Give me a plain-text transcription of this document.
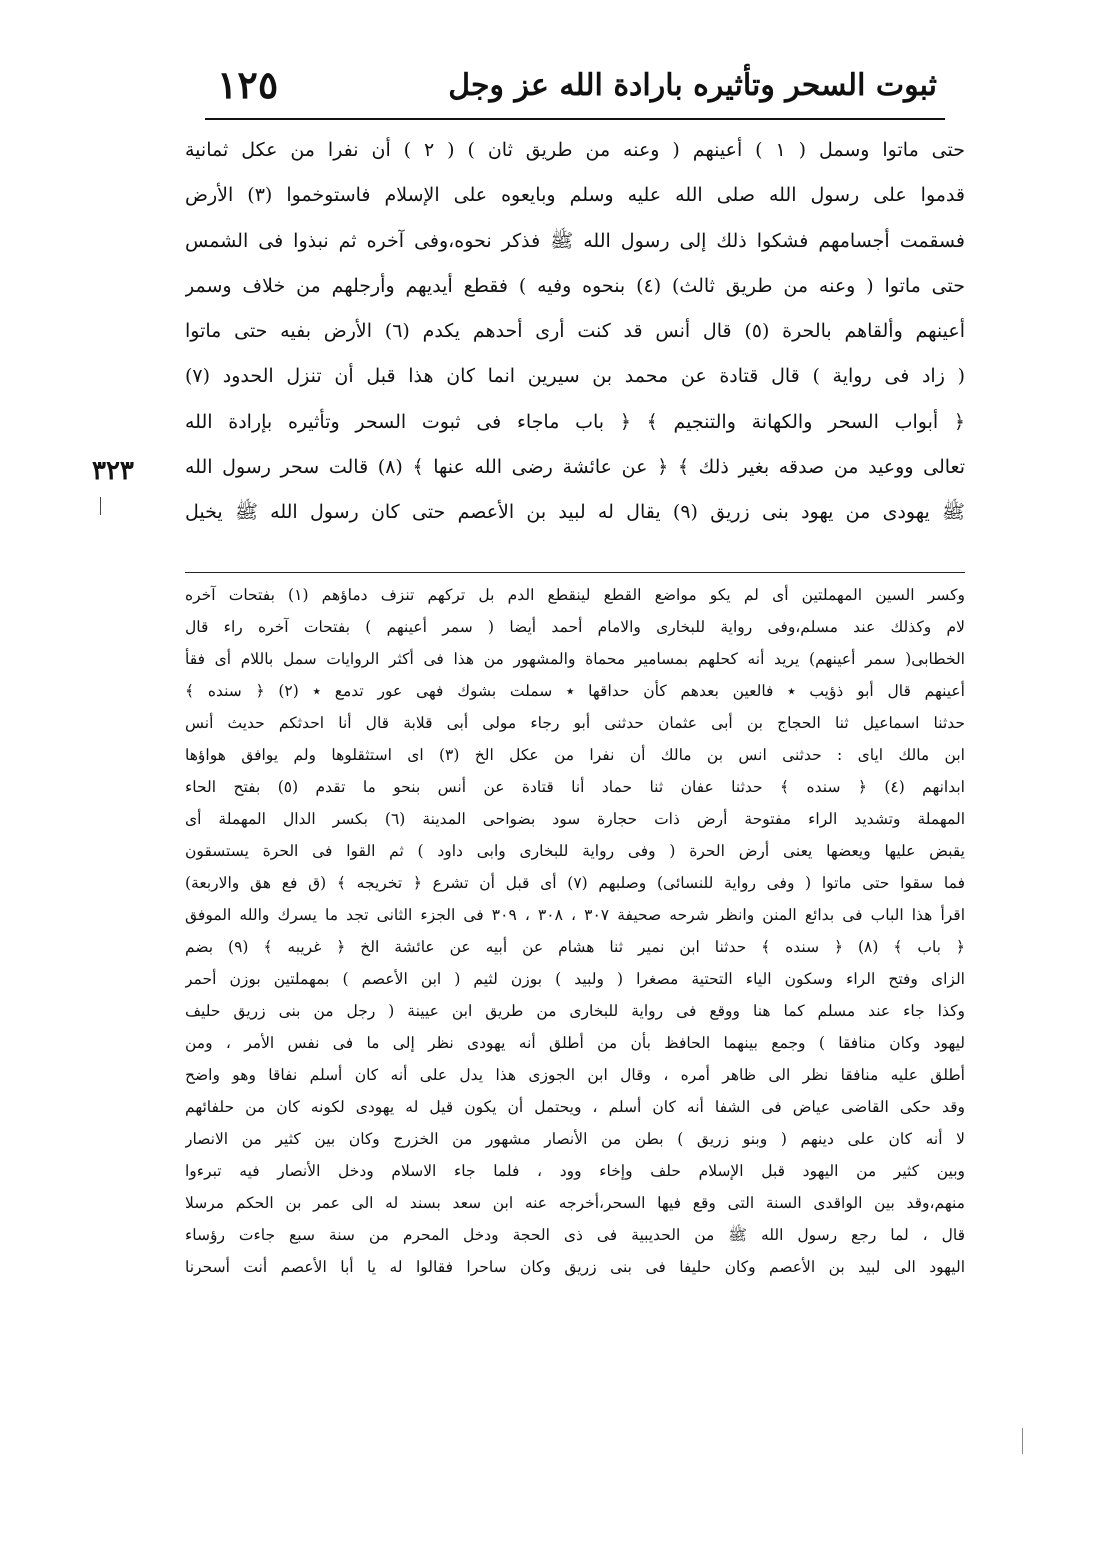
١٢٥	ثبوت السحر وتأثيره بارادة الله عز وجل
٣٢٣
حتى ماتوا وسمل ( ١ ) أعينهم ( وعنه من طريق ثان ) ( ٢ ) أن نفرا من عكل ثمانية
قدموا على رسول الله صلى الله عليه وسلم وبايعوه على الإسلام فاستوخموا (٣) الأرض
فسقمت أجسامهم فشكوا ذلك إلى رسول الله ﷺ فذكر نحوه،وفى آخره ثم نبذوا فى الشمس
حتى ماتوا ( وعنه من طريق ثالث) (٤) بنحوه وفيه ) فقطع أيديهم وأرجلهم من خلاف وسمر
أعينهم وألقاهم بالحرة (٥) قال أنس قد كنت أرى أحدهم يكدم (٦) الأرض بفيه حتى ماتوا
( زاد فى رواية ) قال قتادة عن محمد بن سيرين انما كان هذا قبل أن تنزل الحدود (٧)
﴿ أبواب السحر والكهانة والتنجيم ﴾ ﴿ باب ماجاء فى ثبوت السحر وتأثيره بإرادة الله
تعالى ووعيد من صدقه بغير ذلك ﴾ ﴿ عن عائشة رضى الله عنها ﴾ (٨) قالت سحر رسول الله
ﷺ يهودى من يهود بنى زريق (٩) يقال له لبيد بن الأعصم حتى كان رسول الله ﷺ يخيل
وكسر السين المهملتين أى لم يكو مواضع القطع لينقطع الدم بل تركهم تنزف دماؤهم (١) بفتحات آخره
لام وكذلك عند مسلم،وفى رواية للبخارى والامام أحمد أيضا ( سمر أعينهم ) بفتحات آخره راء قال
الخطابى( سمر أعينهم) يريد أنه كحلهم بمسامير محماة والمشهور من هذا فى أكثر الروايات سمل باللام أى فقأ
أعينهم قال أبو ذؤيب ٭ فالعين بعدهم كأن حداقها ٭ سملت بشوك فهى عور تدمع ٭ (٢) ﴿ سنده ﴾
حدثنا اسماعيل ثنا الحجاج بن أبى عثمان حدثنى أبو رجاء مولى أبى قلابة قال أنا احدثكم حديث أنس
ابن مالك اياى : حدثنى انس بن مالك أن نفرا من عكل الخ (٣) اى استثقلوها ولم يوافق هواؤها
ابدانهم (٤) ﴿ سنده ﴾ حدثنا عفان ثنا حماد أنا قتادة عن أنس بنحو ما تقدم (٥) بفتح الحاء
المهملة وتشديد الراء مفتوحة أرض ذات حجارة سود بضواحى المدينة (٦) بكسر الدال المهملة أى
يقبض عليها ويعضها يعنى أرض الحرة ( وفى رواية للبخارى وابى داود ) ثم القوا فى الحرة يستسقون
فما سقوا حتى ماتوا ( وفى رواية للنسائى) وصلبهم (٧) أى قبل أن تشرع ﴿ تخريجه ﴾ (ق فع هق والاربعة)
اقرأ هذا الباب فى بدائع المنن وانظر شرحه صحيفة ٣٠٧ ، ٣٠٨ ، ٣٠٩ فى الجزء الثانى تجد ما يسرك والله الموفق
﴿ باب ﴾ (٨) ﴿ سنده ﴾ حدثنا ابن نمير ثنا هشام عن أبيه عن عائشة الخ ﴿ غريبه ﴾ (٩) بضم
الزاى وفتح الراء وسكون الياء التحتية مصغرا ( ولبيد ) بوزن لثيم ( ابن الأعصم ) بمهملتين بوزن أحمر
وكذا جاء عند مسلم كما هنا ووقع فى رواية للبخارى من طريق ابن عيينة ( رجل من بنى زريق حليف
ليهود وكان منافقا ) وجمع بينهما الحافظ بأن من أطلق أنه يهودى نظر إلى ما فى نفس الأمر ، ومن
أطلق عليه منافقا نظر الى ظاهر أمره ، وقال ابن الجوزى هذا يدل على أنه كان أسلم نفاقا وهو واضح
وقد حكى القاضى عياض فى الشفا أنه كان أسلم ، ويحتمل أن يكون قيل له يهودى لكونه كان من حلفائهم
لا أنه كان على دينهم ( وبنو زريق ) بطن من الأنصار مشهور من الخزرج وكان بين كثير من الانصار
وبين كثير من اليهود قبل الإسلام حلف وإخاء وود ، فلما جاء الاسلام ودخل الأنصار فيه تبرءوا
منهم،وقد بين الواقدى السنة التى وقع فيها السحر،أخرجه عنه ابن سعد بسند له الى عمر بن الحكم مرسلا
قال ، لما رجع رسول الله ﷺ من الحديبية فى ذى الحجة ودخل المحرم من سنة سبع جاءت رؤساء
اليهود الى لبيد بن الأعصم وكان حليفا فى بنى زريق وكان ساحرا فقالوا له يا أبا الأعصم أنت أسحرنا
